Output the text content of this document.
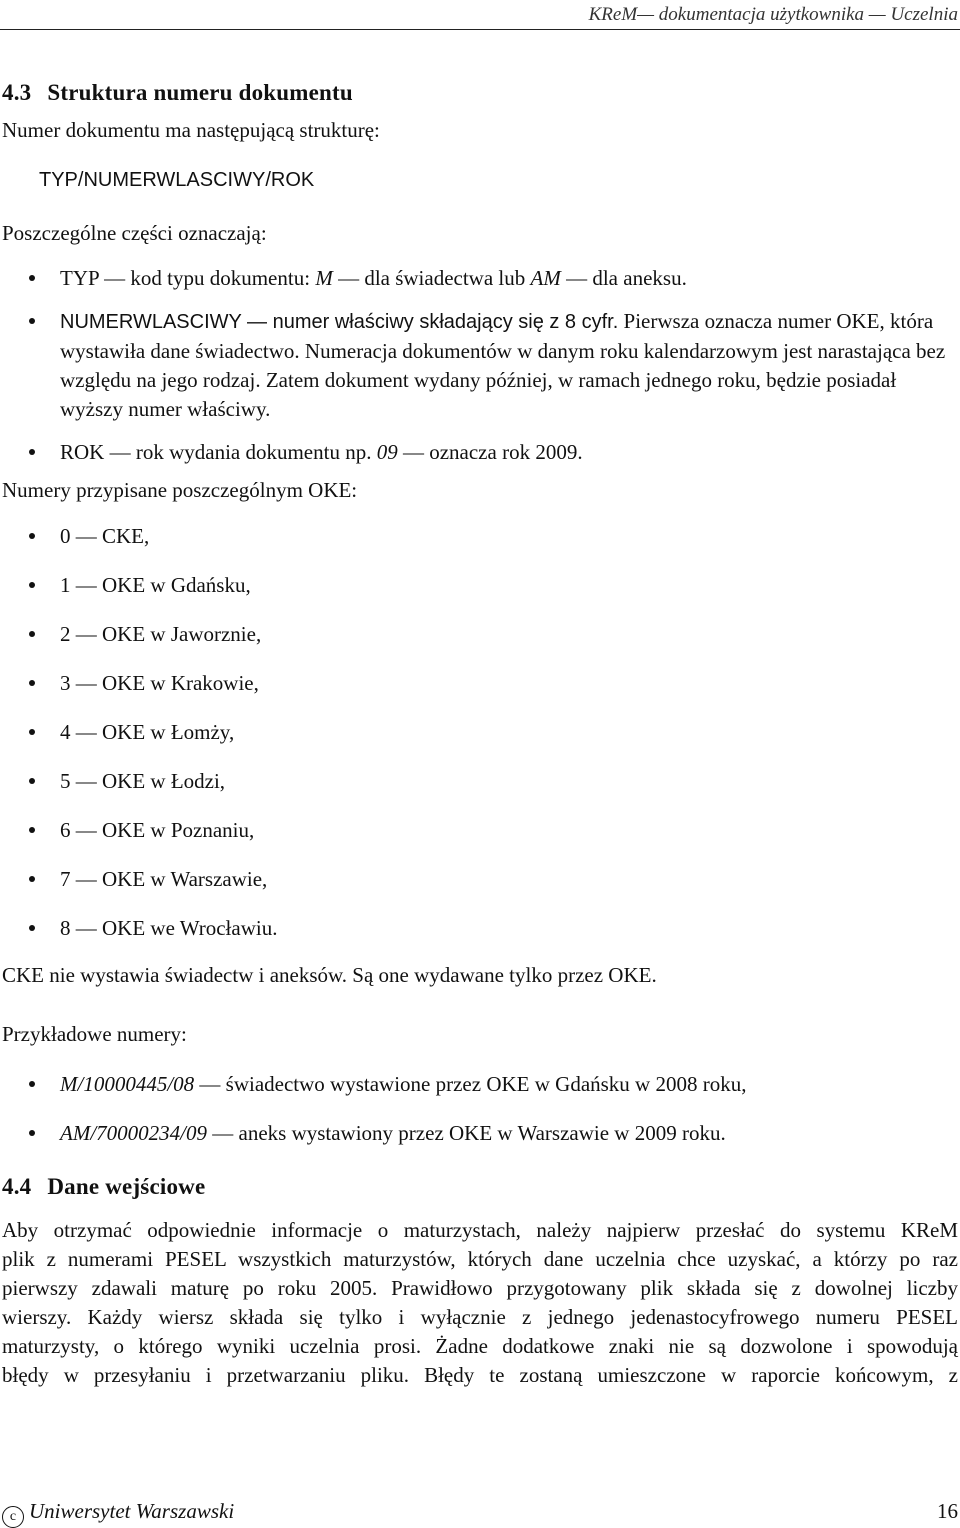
KReM— dokumentacja użytkownika — Uczelnia
4.3 Struktura numeru dokumentu

Numer dokumentu ma następującą strukturę:

TYP/NUMERWLASCIWY/ROK

Poszczególne części oznaczają:

TYP — kod typu dokumentu: M — dla świadectwa lub AM — dla aneksu.
NUMERWLASCIWY — numer właściwy składający się z 8 cyfr. Pierwsza oznacza numer OKE, która wystawiła dane świadectwo. Numeracja dokumentów w danym roku kalendarzowym jest narastająca bez względu na jego rodzaj. Zatem dokument wydany później, w ramach jednego roku, będzie posiadał wyższy numer właściwy.
ROK — rok wydania dokumentu np. 09 — oznacza rok 2009.

Numery przypisane poszczególnym OKE:

0 — CKE,
1 — OKE w Gdańsku,
2 — OKE w Jaworznie,
3 — OKE w Krakowie,
4 — OKE w Łomży,
5 — OKE w Łodzi,
6 — OKE w Poznaniu,
7 — OKE w Warszawie,
8 — OKE we Wrocławiu.

CKE nie wystawia świadectw i aneksów. Są one wydawane tylko przez OKE.

Przykładowe numery:

M/10000445/08 — świadectwo wystawione przez OKE w Gdańsku w 2008 roku,
AM/70000234/09 — aneks wystawiony przez OKE w Warszawie w 2009 roku.
4.4 Dane wejściowe
Aby otrzymać odpowiednie informacje o maturzystach, należy najpierw przesłać do systemu KReM
plik z numerami PESEL wszystkich maturzystów, których dane uczelnia chce uzyskać, a którzy po raz
pierwszy zdawali maturę po roku 2005. Prawidłowo przygotowany plik składa się z dowolnej liczby
wierszy. Każdy wiersz składa się tylko i wyłącznie z jednego jedenastocyfrowego numeru PESEL
maturzysty, o którego wyniki uczelnia prosi. Żadne dodatkowe znaki nie są dozwolone i spowodują
błędy w przesyłaniu i przetwarzaniu pliku. Błędy te zostaną umieszczone w raporcie końcowym, z
c Uniwersytet Warszawski	16
